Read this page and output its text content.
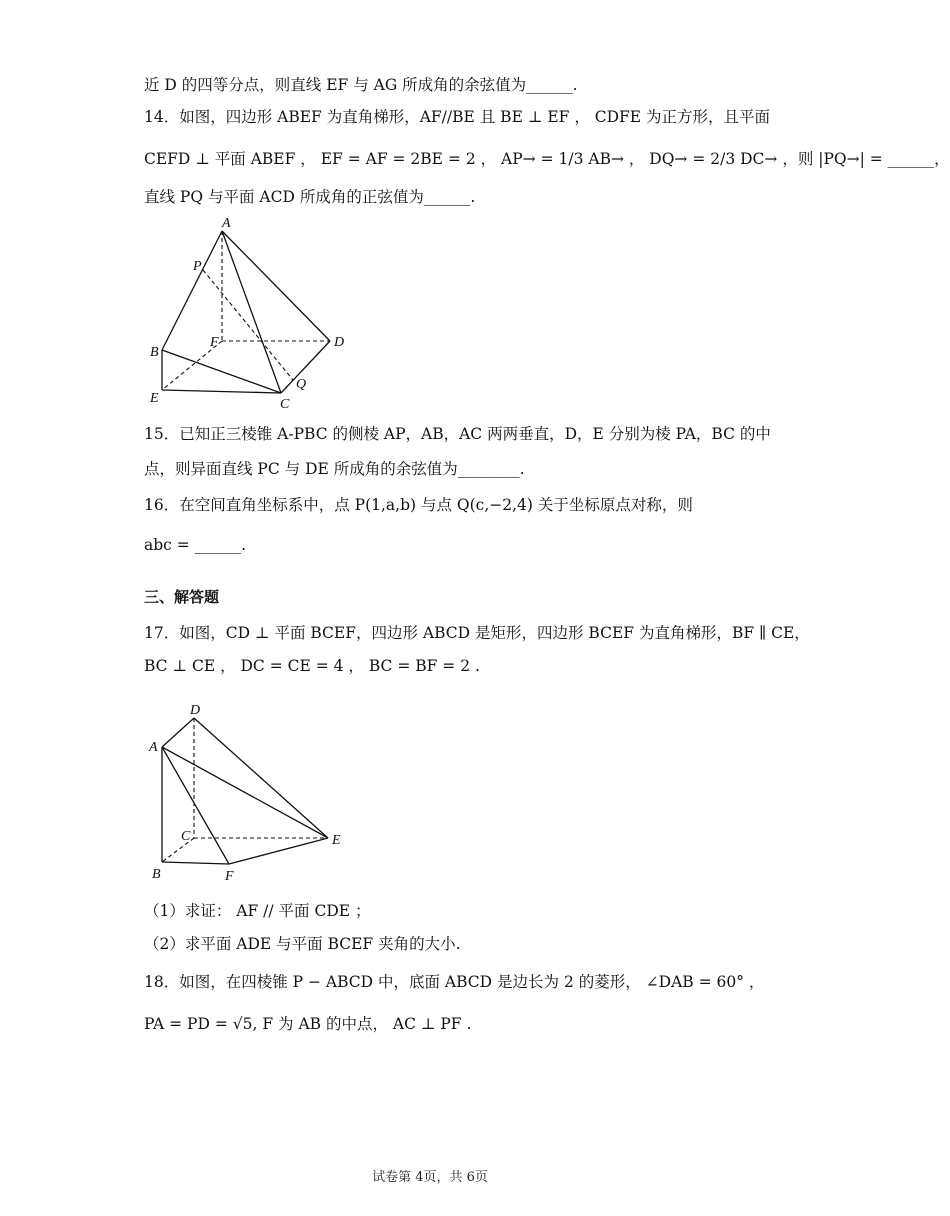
近 D 的四等分点，则直线 EF 与 AG 所成角的余弦值为______.
14．如图，四边形 ABEF 为直角梯形，AF//BE 且 BE ⊥ EF ， CDFE 为正方形，且平面
CEFD ⊥ 平面 ABEF ， EF = AF = 2BE = 2 ， AP→ = 1/3 AB→ ， DQ→ = 2/3 DC→ ，则 |PQ→| = ______，
直线 PQ 与平面 ACD 所成角的正弦值为______.
A
P
F	D
B
Q
E	C
15．已知正三棱锥 A-PBC 的侧棱 AP，AB，AC 两两垂直，D，E 分别为棱 PA，BC 的中
点，则异面直线 PC 与 DE 所成角的余弦值为________.
16．在空间直角坐标系中，点 P(1,a,b) 与点 Q(c,−2,4) 关于坐标原点对称，则
abc = ______.
三、解答题
17．如图，CD ⊥ 平面 BCEF，四边形 ABCD 是矩形，四边形 BCEF 为直角梯形，BF ∥ CE，
BC ⊥ CE ， DC = CE = 4 ， BC = BF = 2 .
D
A
C	E
B	F
（1）求证： AF // 平面 CDE ；
（2）求平面 ADE 与平面 BCEF 夹角的大小.
18．如图，在四棱锥 P − ABCD 中，底面 ABCD 是边长为 2 的菱形， ∠DAB = 60° ，
PA = PD = √5, F 为 AB 的中点， AC ⊥ PF .
试卷第 4页，共 6页
